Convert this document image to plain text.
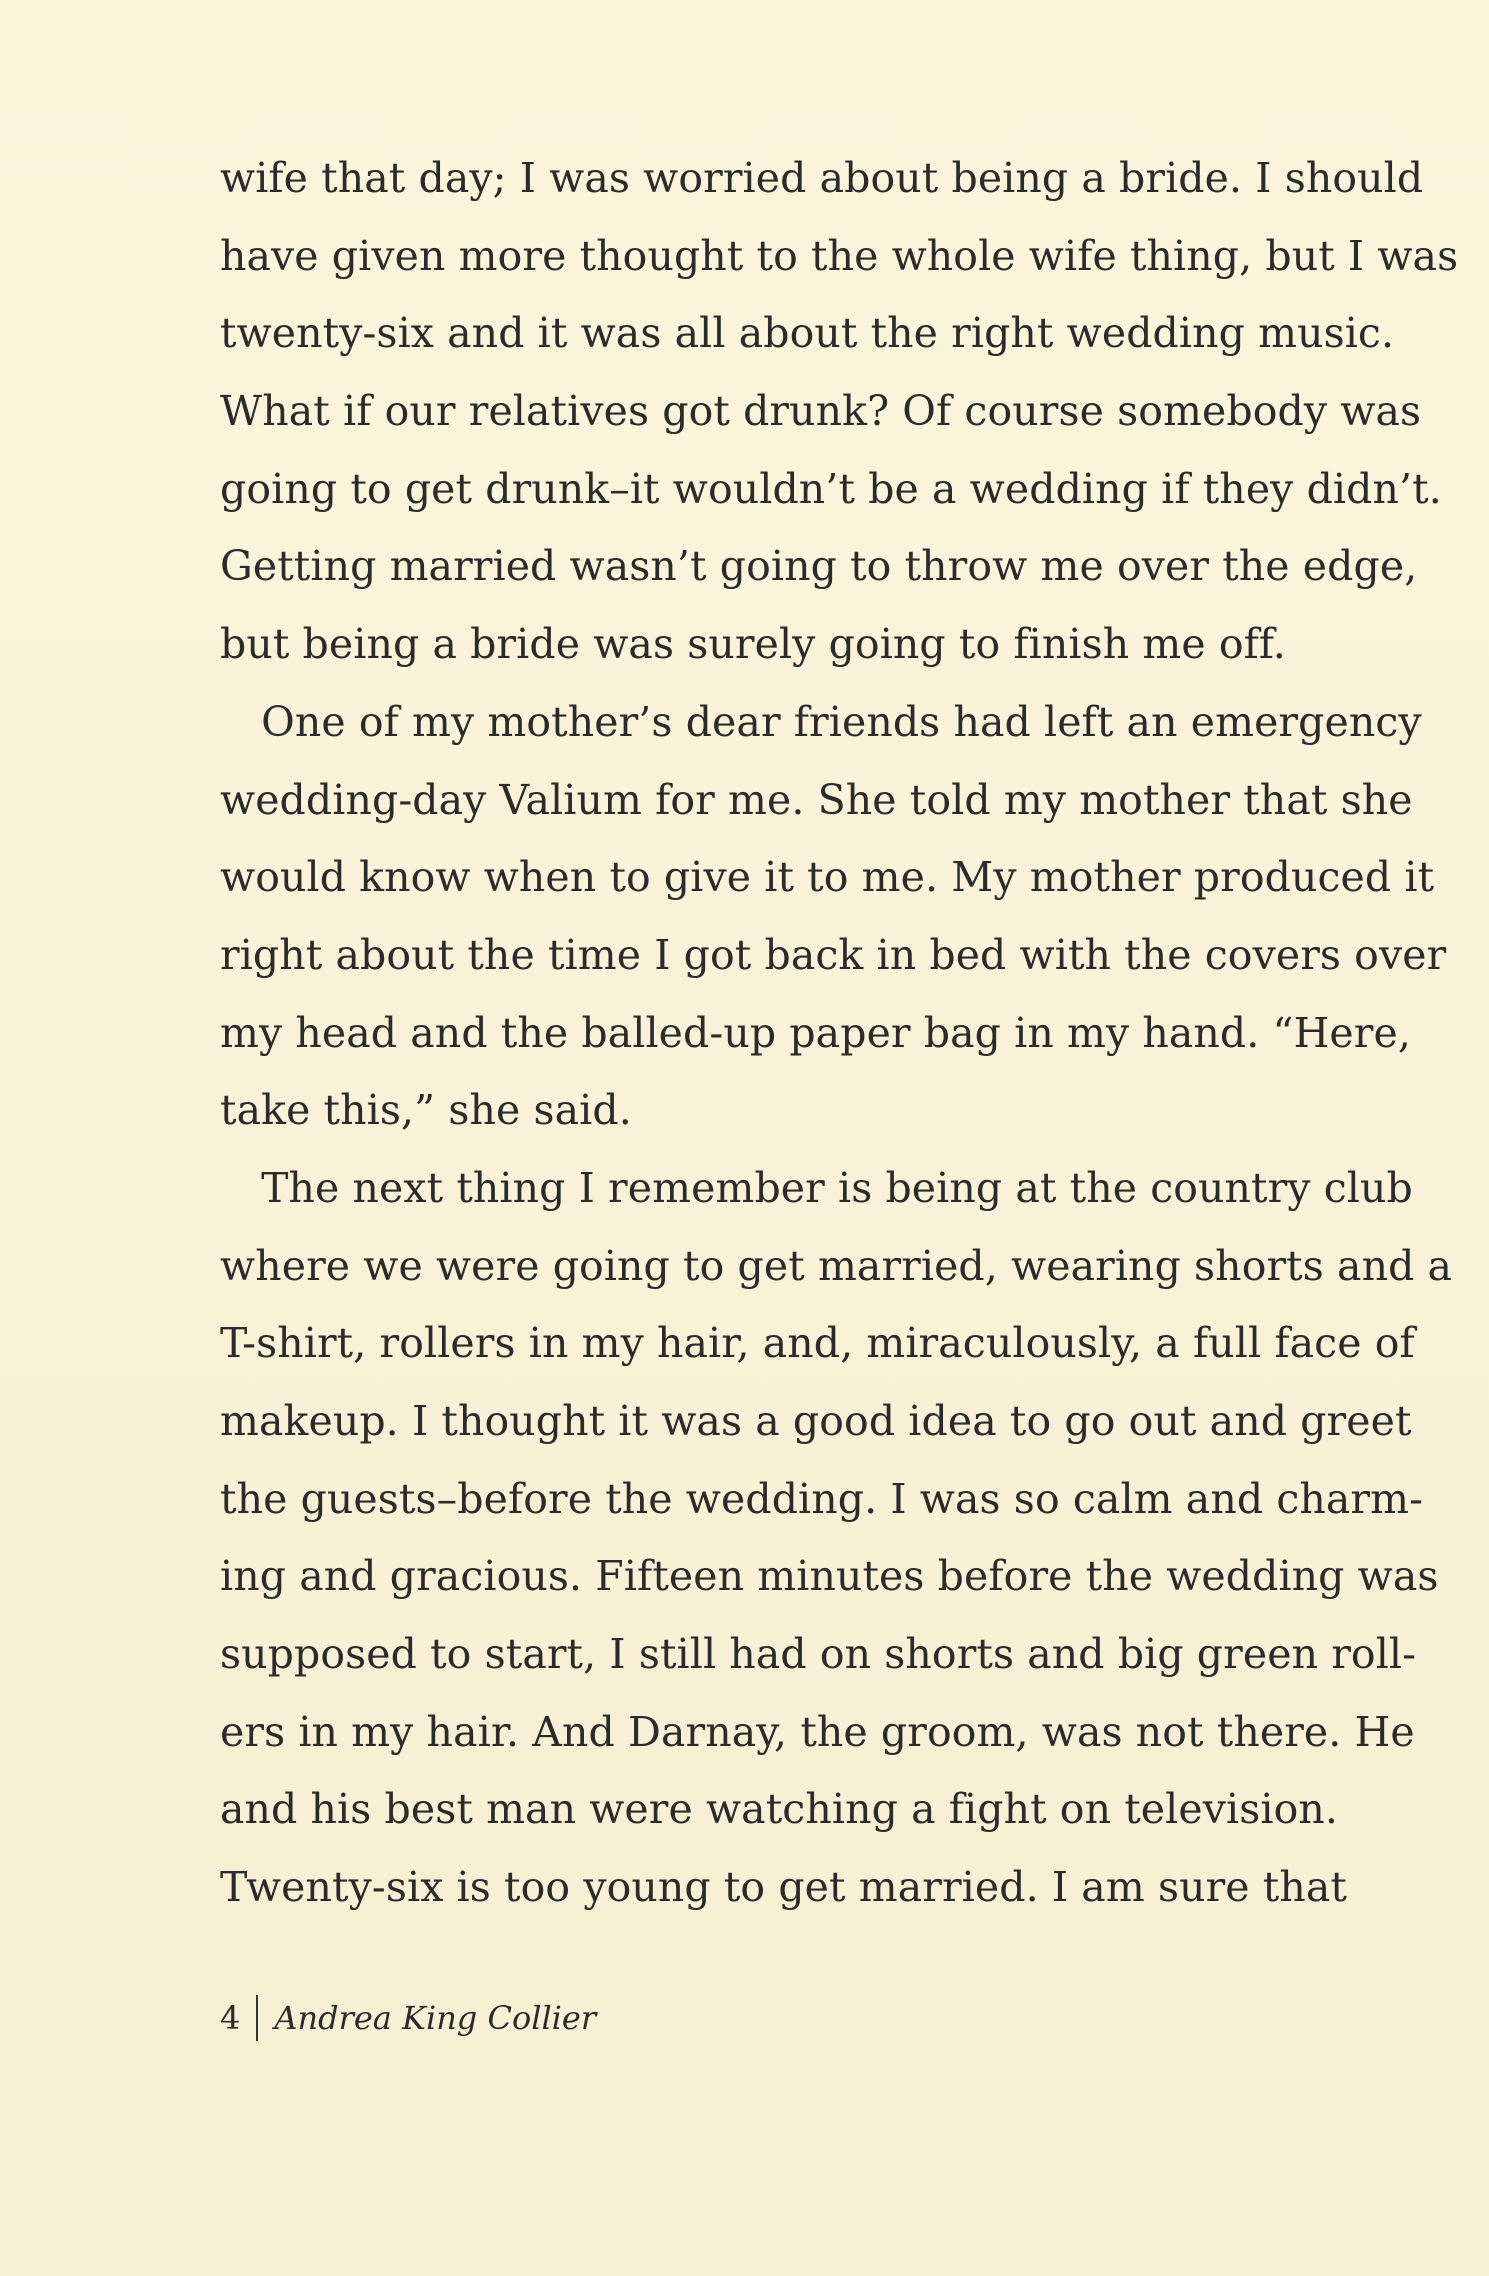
wife that day; I was worried about being a bride. I should
have given more thought to the whole wife thing, but I was
twenty-six and it was all about the right wedding music.
What if our relatives got drunk? Of course somebody was
going to get drunk–it wouldn’t be a wedding if they didn’t.
Getting married wasn’t going to throw me over the edge,
but being a bride was surely going to finish me off.
 One of my mother’s dear friends had left an emergency
wedding-day Valium for me. She told my mother that she
would know when to give it to me. My mother produced it
right about the time I got back in bed with the covers over
my head and the balled-up paper bag in my hand. “Here,
take this,” she said.
 The next thing I remember is being at the country club
where we were going to get married, wearing shorts and a
T-shirt, rollers in my hair, and, miraculously, a full face of
makeup. I thought it was a good idea to go out and greet
the guests–before the wedding. I was so calm and charm-
ing and gracious. Fifteen minutes before the wedding was
supposed to start, I still had on shorts and big green roll-
ers in my hair. And Darnay, the groom, was not there. He
and his best man were watching a fight on television.
Twenty-six is too young to get married. I am sure that
4 Andrea King Collier
